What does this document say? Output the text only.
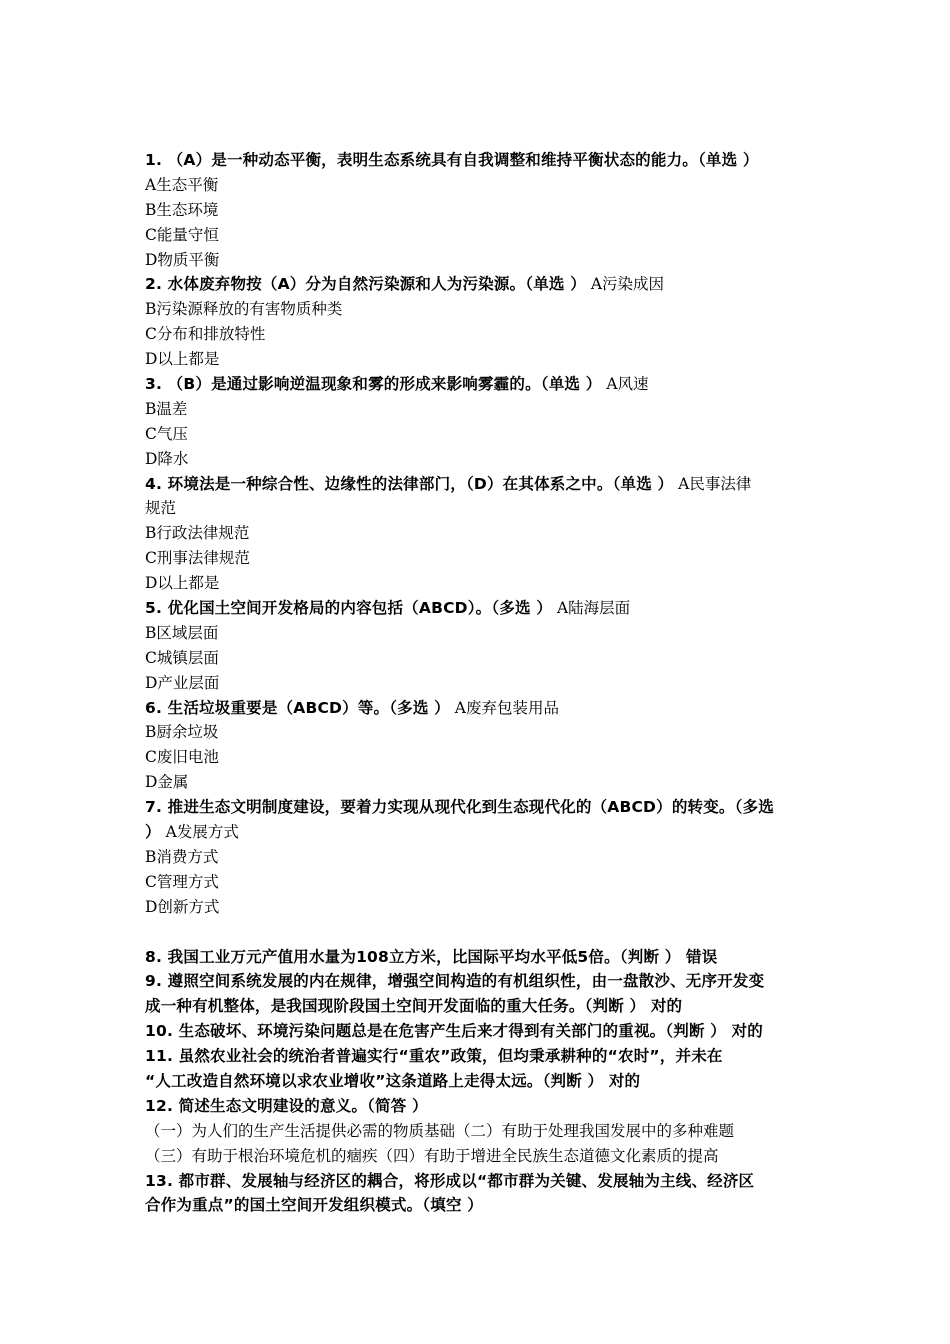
1. （A）是一种动态平衡，表明生态系统具有自我调整和维持平衡状态的能力。（单选 ）
A生态平衡
B生态环境
C能量守恒
D物质平衡
2. 水体废弃物按（A）分为自然污染源和人为污染源。（单选 ） A污染成因
B污染源释放的有害物质种类
C分布和排放特性
D以上都是
3. （B）是通过影响逆温现象和雾的形成来影响雾霾的。（单选 ） A风速
B温差
C气压
D降水
4. 环境法是一种综合性、边缘性的法律部门，（D）在其体系之中。（单选 ） A民事法律
规范
B行政法律规范
C刑事法律规范
D以上都是
5. 优化国土空间开发格局的内容包括（ABCD）。（多选 ） A陆海层面
B区域层面
C城镇层面
D产业层面
6. 生活垃圾重要是（ABCD）等。（多选 ） A废弃包装用品
B厨余垃圾
C废旧电池
D金属
7. 推进生态文明制度建设，要着力实现从现代化到生态现代化的（ABCD）的转变。（多选
） A发展方式
B消费方式
C管理方式
D创新方式
8. 我国工业万元产值用水量为108立方米，比国际平均水平低5倍。（判断 ） 错误
9. 遵照空间系统发展的内在规律，增强空间构造的有机组织性，由一盘散沙、无序开发变
成一种有机整体，是我国现阶段国土空间开发面临的重大任务。（判断 ） 对的
10. 生态破坏、环境污染问题总是在危害产生后来才得到有关部门的重视。（判断 ） 对的
11. 虽然农业社会的统治者普遍实行“重农”政策，但均秉承耕种的“农时”，并未在
“人工改造自然环境以求农业增收”这条道路上走得太远。（判断 ） 对的
12. 简述生态文明建设的意义。（简答 ）
（一）为人们的生产生活提供必需的物质基础（二）有助于处理我国发展中的多种难题
（三）有助于根治环境危机的痼疾（四）有助于增进全民族生态道德文化素质的提高
13. 都市群、发展轴与经济区的耦合，将形成以“都市群为关键、发展轴为主线、经济区
合作为重点”的国土空间开发组织模式。（填空 ）
